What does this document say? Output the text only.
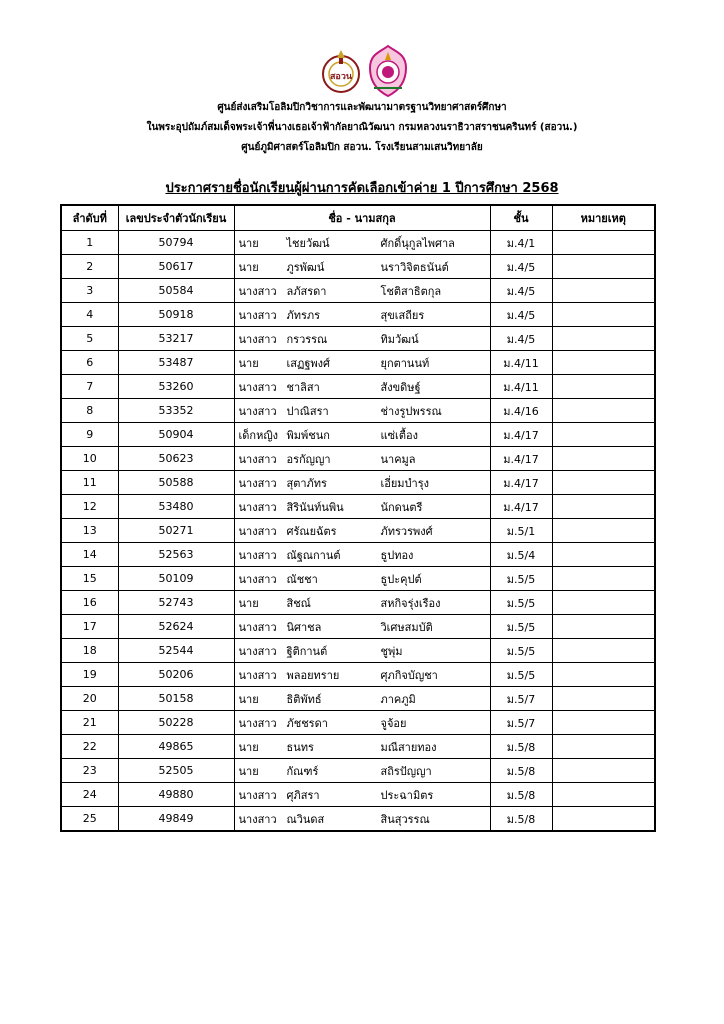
สอวน
ศูนย์ส่งเสริมโอลิมปิกวิชาการและพัฒนามาตรฐานวิทยาศาสตร์ศึกษา
ในพระอุปถัมภ์สมเด็จพระเจ้าพี่นางเธอเจ้าฟ้ากัลยาณิวัฒนา กรมหลวงนราธิวาสราชนครินทร์ (สอวน.)
ศูนย์ภูมิศาสตร์โอลิมปิก สอวน. โรงเรียนสามเสนวิทยาลัย
ประกาศรายชื่อนักเรียนผู้ผ่านการคัดเลือกเข้าค่าย 1 ปีการศึกษา 2568
ลำดับที่	เลขประจำตัวนักเรียน	ชื่อ - นามสกุล	ชั้น	หมายเหตุ
1	50794	นาย ไชยวัฒน์ ศักดิ์นุกูลไพศาล	ม.4/1	
2	50617	นาย ภูรพัฒน์ นราวิจิตธนันต์	ม.4/5	
3	50584	นางสาว ลภัสรดา โชติสาธิตกุล	ม.4/5	
4	50918	นางสาว ภัทรภร สุขเสถียร	ม.4/5	
5	53217	นางสาว กรวรรณ ทิมวัฒน์	ม.4/5	
6	53487	นาย เสฏฐพงศ์ ยุกตานนท์	ม.4/11	
7	53260	นางสาว ชาลิสา สังขดิษฐ์	ม.4/11	
8	53352	นางสาว ปาณิสรา ช่างรูปพรรณ	ม.4/16	
9	50904	เด็กหญิง พิมพ์ชนก แซ่เตื้อง	ม.4/17	
10	50623	นางสาว อรกัญญา นาคมูล	ม.4/17	
11	50588	นางสาว สุตาภัทร เอี่ยมบำรุง	ม.4/17	
12	53480	นางสาว สิรินันท์นพิน นักดนตรี	ม.4/17	
13	50271	นางสาว ศรัณยฉัตร ภัทรวรพงศ์	ม.5/1	
14	52563	นางสาว ณัฐณกานต์ ธูปทอง	ม.5/4	
15	50109	นางสาว ณัชชา ธูปะคุปต์	ม.5/5	
16	52743	นาย สิชณ์ สหกิจรุ่งเรือง	ม.5/5	
17	52624	นางสาว นิศาชล วิเศษสมบัติ	ม.5/5	
18	52544	นางสาว ฐิติกานต์ ชูพุ่ม	ม.5/5	
19	50206	นางสาว พลอยทราย ศุภกิจบัญชา	ม.5/5	
20	50158	นาย ธิติพัทธ์ ภาคภูมิ	ม.5/7	
21	50228	นางสาว ภัชชรดา จูจ้อย	ม.5/7	
22	49865	นาย ธนทร มณีสายทอง	ม.5/8	
23	52505	นาย กัณฑร์ สถิรปัญญา	ม.5/8	
24	49880	นางสาว ศุภิสรา ประฉามิตร	ม.5/8	
25	49849	นางสาว ณวินดส สินสุวรรณ	ม.5/8	
